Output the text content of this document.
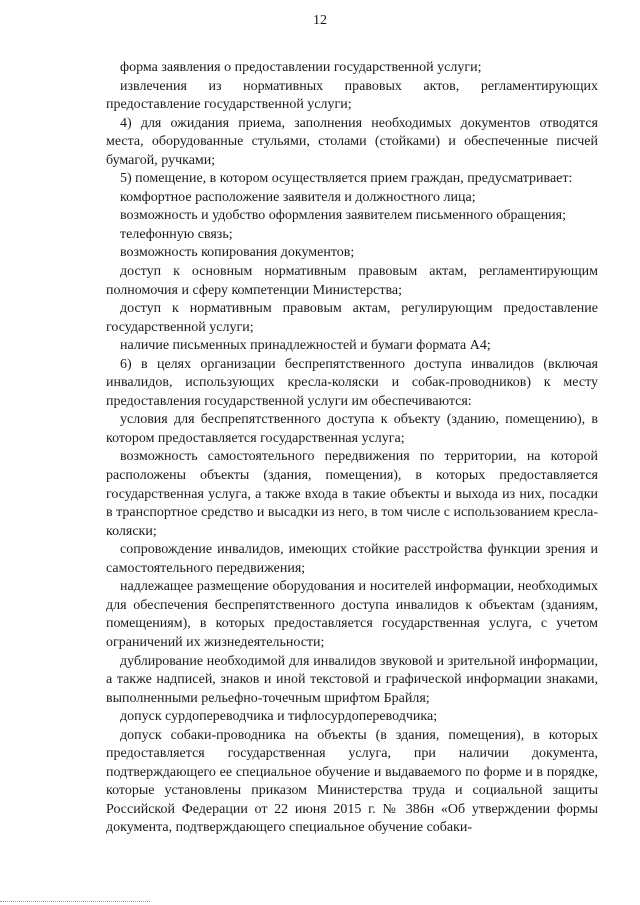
12

форма заявления о предоставлении государственной услуги;

извлечения из нормативных правовых актов, регламентирующих предоставление государственной услуги;

4) для ожидания приема, заполнения необходимых документов отводятся места, оборудованные стульями, столами (стойками) и обеспеченные писчей бумагой, ручками;

5) помещение, в котором осуществляется прием граждан, предусматривает:

комфортное расположение заявителя и должностного лица;

возможность и удобство оформления заявителем письменного обращения;

телефонную связь;

возможность копирования документов;

доступ к основным нормативным правовым актам, регламентирующим полномочия и сферу компетенции Министерства;

доступ к нормативным правовым актам, регулирующим предоставление государственной услуги;

наличие письменных принадлежностей и бумаги формата А4;

6) в целях организации беспрепятственного доступа инвалидов (включая инвалидов, использующих кресла-коляски и собак-проводников) к месту предоставления государственной услуги им обеспечиваются:

условия для беспрепятственного доступа к объекту (зданию, помещению), в котором предоставляется государственная услуга;

возможность самостоятельного передвижения по территории, на которой расположены объекты (здания, помещения), в которых предоставляется государственная услуга, а также входа в такие объекты и выхода из них, посадки в транспортное средство и высадки из него, в том числе с использованием кресла-коляски;

сопровождение инвалидов, имеющих стойкие расстройства функции зрения и самостоятельного передвижения;

надлежащее размещение оборудования и носителей информации, необходимых для обеспечения беспрепятственного доступа инвалидов к объектам (зданиям, помещениям), в которых предоставляется государственная услуга, с учетом ограничений их жизнедеятельности;

дублирование необходимой для инвалидов звуковой и зрительной информации, а также надписей, знаков и иной текстовой и графической информации знаками, выполненными рельефно-точечным шрифтом Брайля;

допуск сурдопереводчика и тифлосурдопереводчика;

допуск собаки-проводника на объекты (в здания, помещения), в которых предоставляется государственная услуга, при наличии документа, подтверждающего ее специальное обучение и выдаваемого по форме и в порядке, которые установлены приказом Министерства труда и социальной защиты Российской Федерации от 22 июня 2015 г. № 386н «Об утверждении формы документа, подтверждающего специальное обучение собаки-
